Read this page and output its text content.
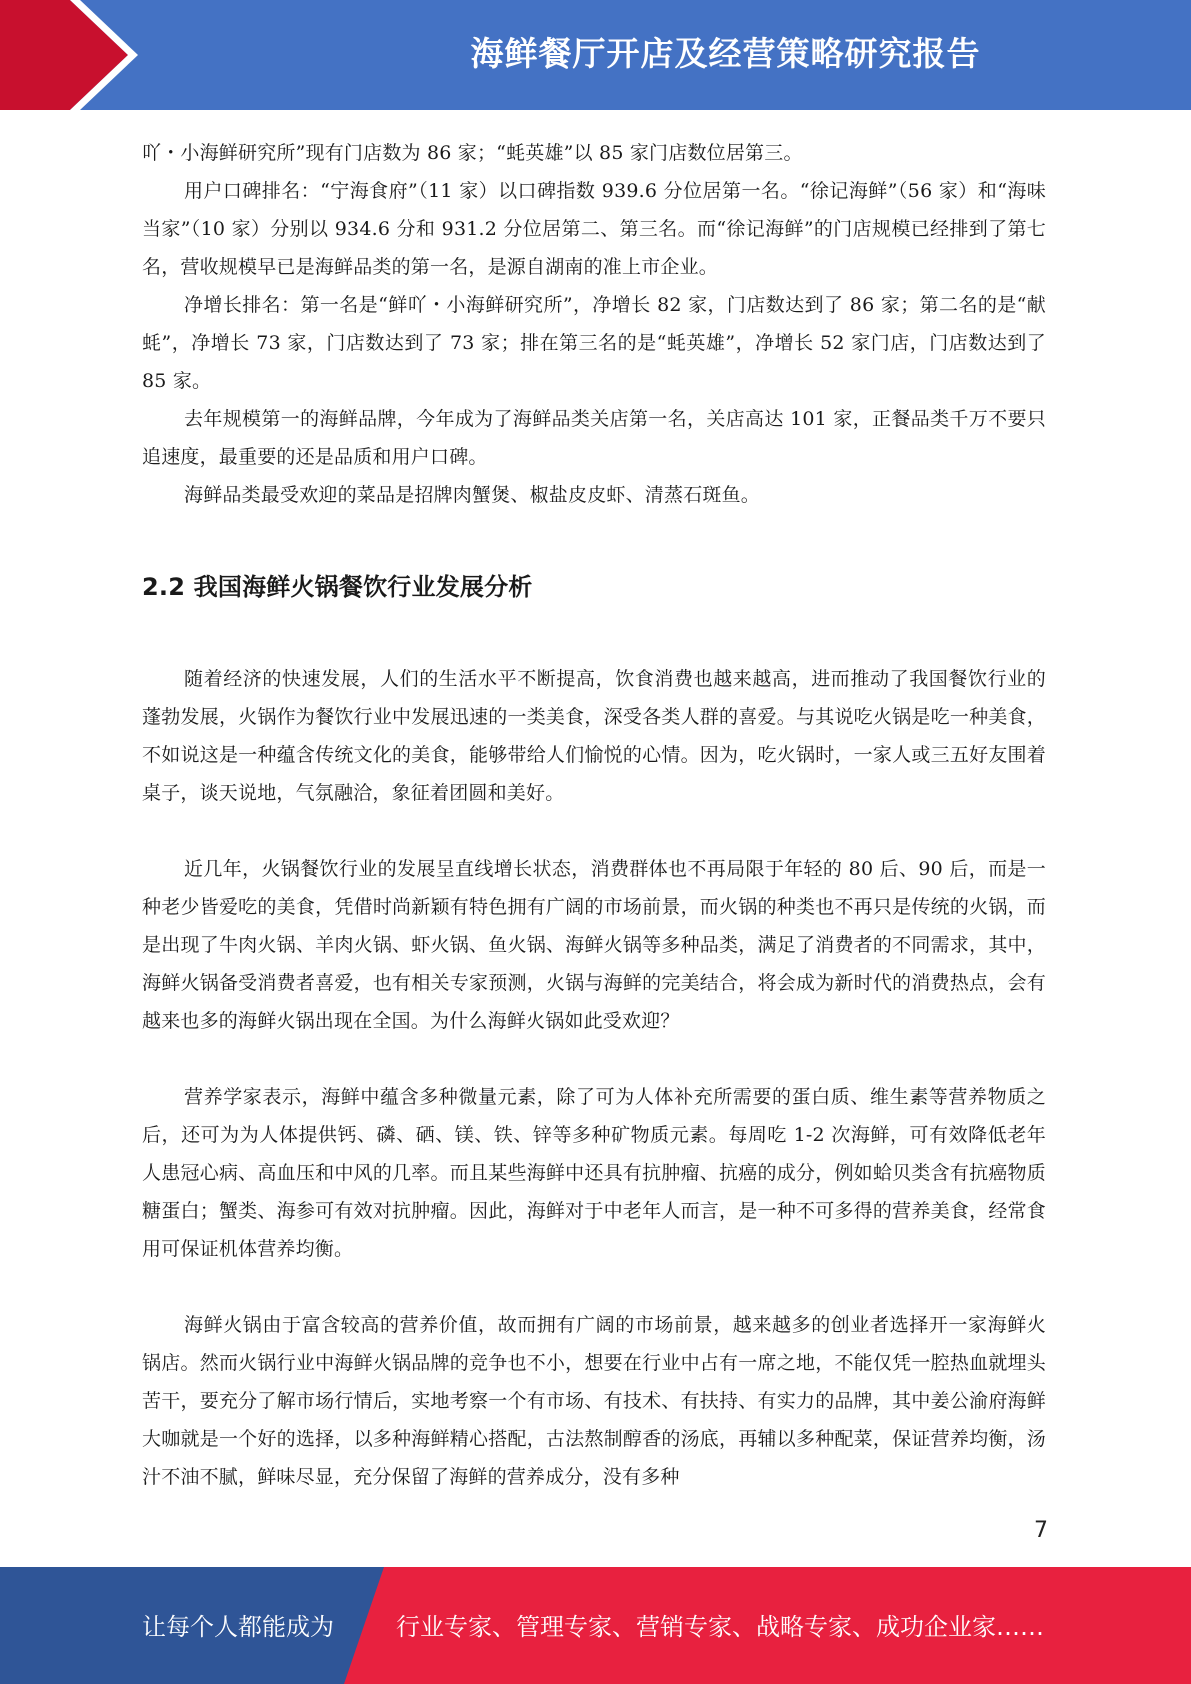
海鲜餐厅开店及经营策略研究报告

吖・小海鲜研究所”现有门店数为 86 家；“蚝英雄”以 85 家门店数位居第三。

用户口碑排名：“宁海食府”（11 家）以口碑指数 939.6 分位居第一名。“徐记海鲜”（56 家）和“海味当家”（10 家）分别以 934.6 分和 931.2 分位居第二、第三名。而“徐记海鲜”的门店规模已经排到了第七名，营收规模早已是海鲜品类的第一名，是源自湖南的准上市企业。

净增长排名：第一名是“鲜吖・小海鲜研究所”，净增长 82 家，门店数达到了 86 家；第二名的是“献蚝”，净增长 73 家，门店数达到了 73 家；排在第三名的是“蚝英雄”，净增长 52 家门店，门店数达到了 85 家。

去年规模第一的海鲜品牌，今年成为了海鲜品类关店第一名，关店高达 101 家，正餐品类千万不要只追速度，最重要的还是品质和用户口碑。

海鲜品类最受欢迎的菜品是招牌肉蟹煲、椒盐皮皮虾、清蒸石斑鱼。

2.2 我国海鲜火锅餐饮行业发展分析

随着经济的快速发展，人们的生活水平不断提高，饮食消费也越来越高，进而推动了我国餐饮行业的蓬勃发展，火锅作为餐饮行业中发展迅速的一类美食，深受各类人群的喜爱。与其说吃火锅是吃一种美食，不如说这是一种蕴含传统文化的美食，能够带给人们愉悦的心情。因为，吃火锅时，一家人或三五好友围着桌子，谈天说地，气氛融洽，象征着团圆和美好。

近几年，火锅餐饮行业的发展呈直线增长状态，消费群体也不再局限于年轻的 80 后、90 后，而是一种老少皆爱吃的美食，凭借时尚新颖有特色拥有广阔的市场前景，而火锅的种类也不再只是传统的火锅，而是出现了牛肉火锅、羊肉火锅、虾火锅、鱼火锅、海鲜火锅等多种品类，满足了消费者的不同需求，其中，海鲜火锅备受消费者喜爱，也有相关专家预测，火锅与海鲜的完美结合，将会成为新时代的消费热点，会有越来也多的海鲜火锅出现在全国。为什么海鲜火锅如此受欢迎？

营养学家表示，海鲜中蕴含多种微量元素，除了可为人体补充所需要的蛋白质、维生素等营养物质之后，还可为为人体提供钙、磷、硒、镁、铁、锌等多种矿物质元素。每周吃 1-2 次海鲜，可有效降低老年人患冠心病、高血压和中风的几率。而且某些海鲜中还具有抗肿瘤、抗癌的成分，例如蛤贝类含有抗癌物质糖蛋白；蟹类、海参可有效对抗肿瘤。因此，海鲜对于中老年人而言，是一种不可多得的营养美食，经常食用可保证机体营养均衡。

海鲜火锅由于富含较高的营养价值，故而拥有广阔的市场前景，越来越多的创业者选择开一家海鲜火锅店。然而火锅行业中海鲜火锅品牌的竞争也不小，想要在行业中占有一席之地，不能仅凭一腔热血就埋头苦干，要充分了解市场行情后，实地考察一个有市场、有技术、有扶持、有实力的品牌，其中姜公渝府海鲜大咖就是一个好的选择，以多种海鲜精心搭配，古法熬制醇香的汤底，再辅以多种配菜，保证营养均衡，汤汁不油不腻，鲜味尽显，充分保留了海鲜的营养成分，没有多种

7
让每个人都能成为	行业专家、管理专家、营销专家、战略专家、成功企业家……
